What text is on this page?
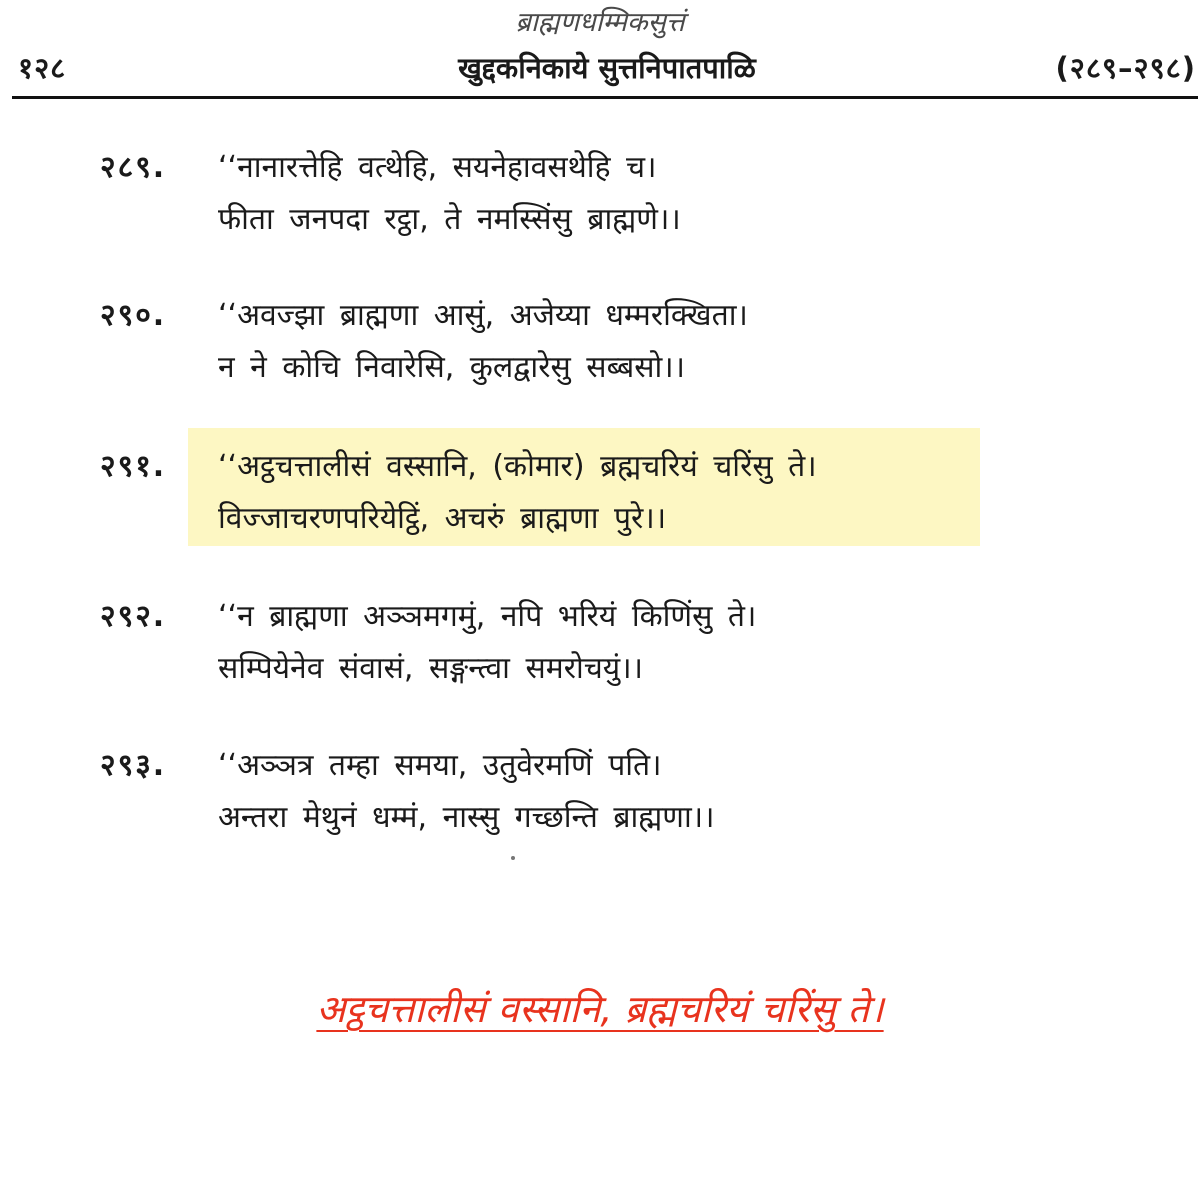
ब्राह्मणधम्मिकसुत्तं
१२८	खुद्दकनिकाये सुत्तनिपातपाळि	(२८९–२९८)
२८९. ‘‘नानारत्तेहि वत्थेहि, सयनेहावसथेहि च।
फीता जनपदा रट्ठा, ते नमस्सिंसु ब्राह्मणे।।
२९०. ‘‘अवज्झा ब्राह्मणा आसुं, अजेय्या धम्मरक्खिता।
न ने कोचि निवारेसि, कुलद्वारेसु सब्बसो।।
२९१. ‘‘अट्ठचत्तालीसं वस्सानि, (कोमार) ब्रह्मचरियं चरिंसु ते।
विज्जाचरणपरियेट्ठिं, अचरुं ब्राह्मणा पुरे।।
२९२. ‘‘न ब्राह्मणा अञ्ञमगमुं, नपि भरियं किणिंसु ते।
सम्पियेनेव संवासं, सङ्गन्त्वा समरोचयुं।।
२९३. ‘‘अञ्ञत्र तम्हा समया, उतुवेरमणिं पति।
अन्तरा मेथुनं धम्मं, नास्सु गच्छन्ति ब्राह्मणा।।
अट्ठचत्तालीसं वस्सानि, ब्रह्मचरियं चरिंसु ते।
